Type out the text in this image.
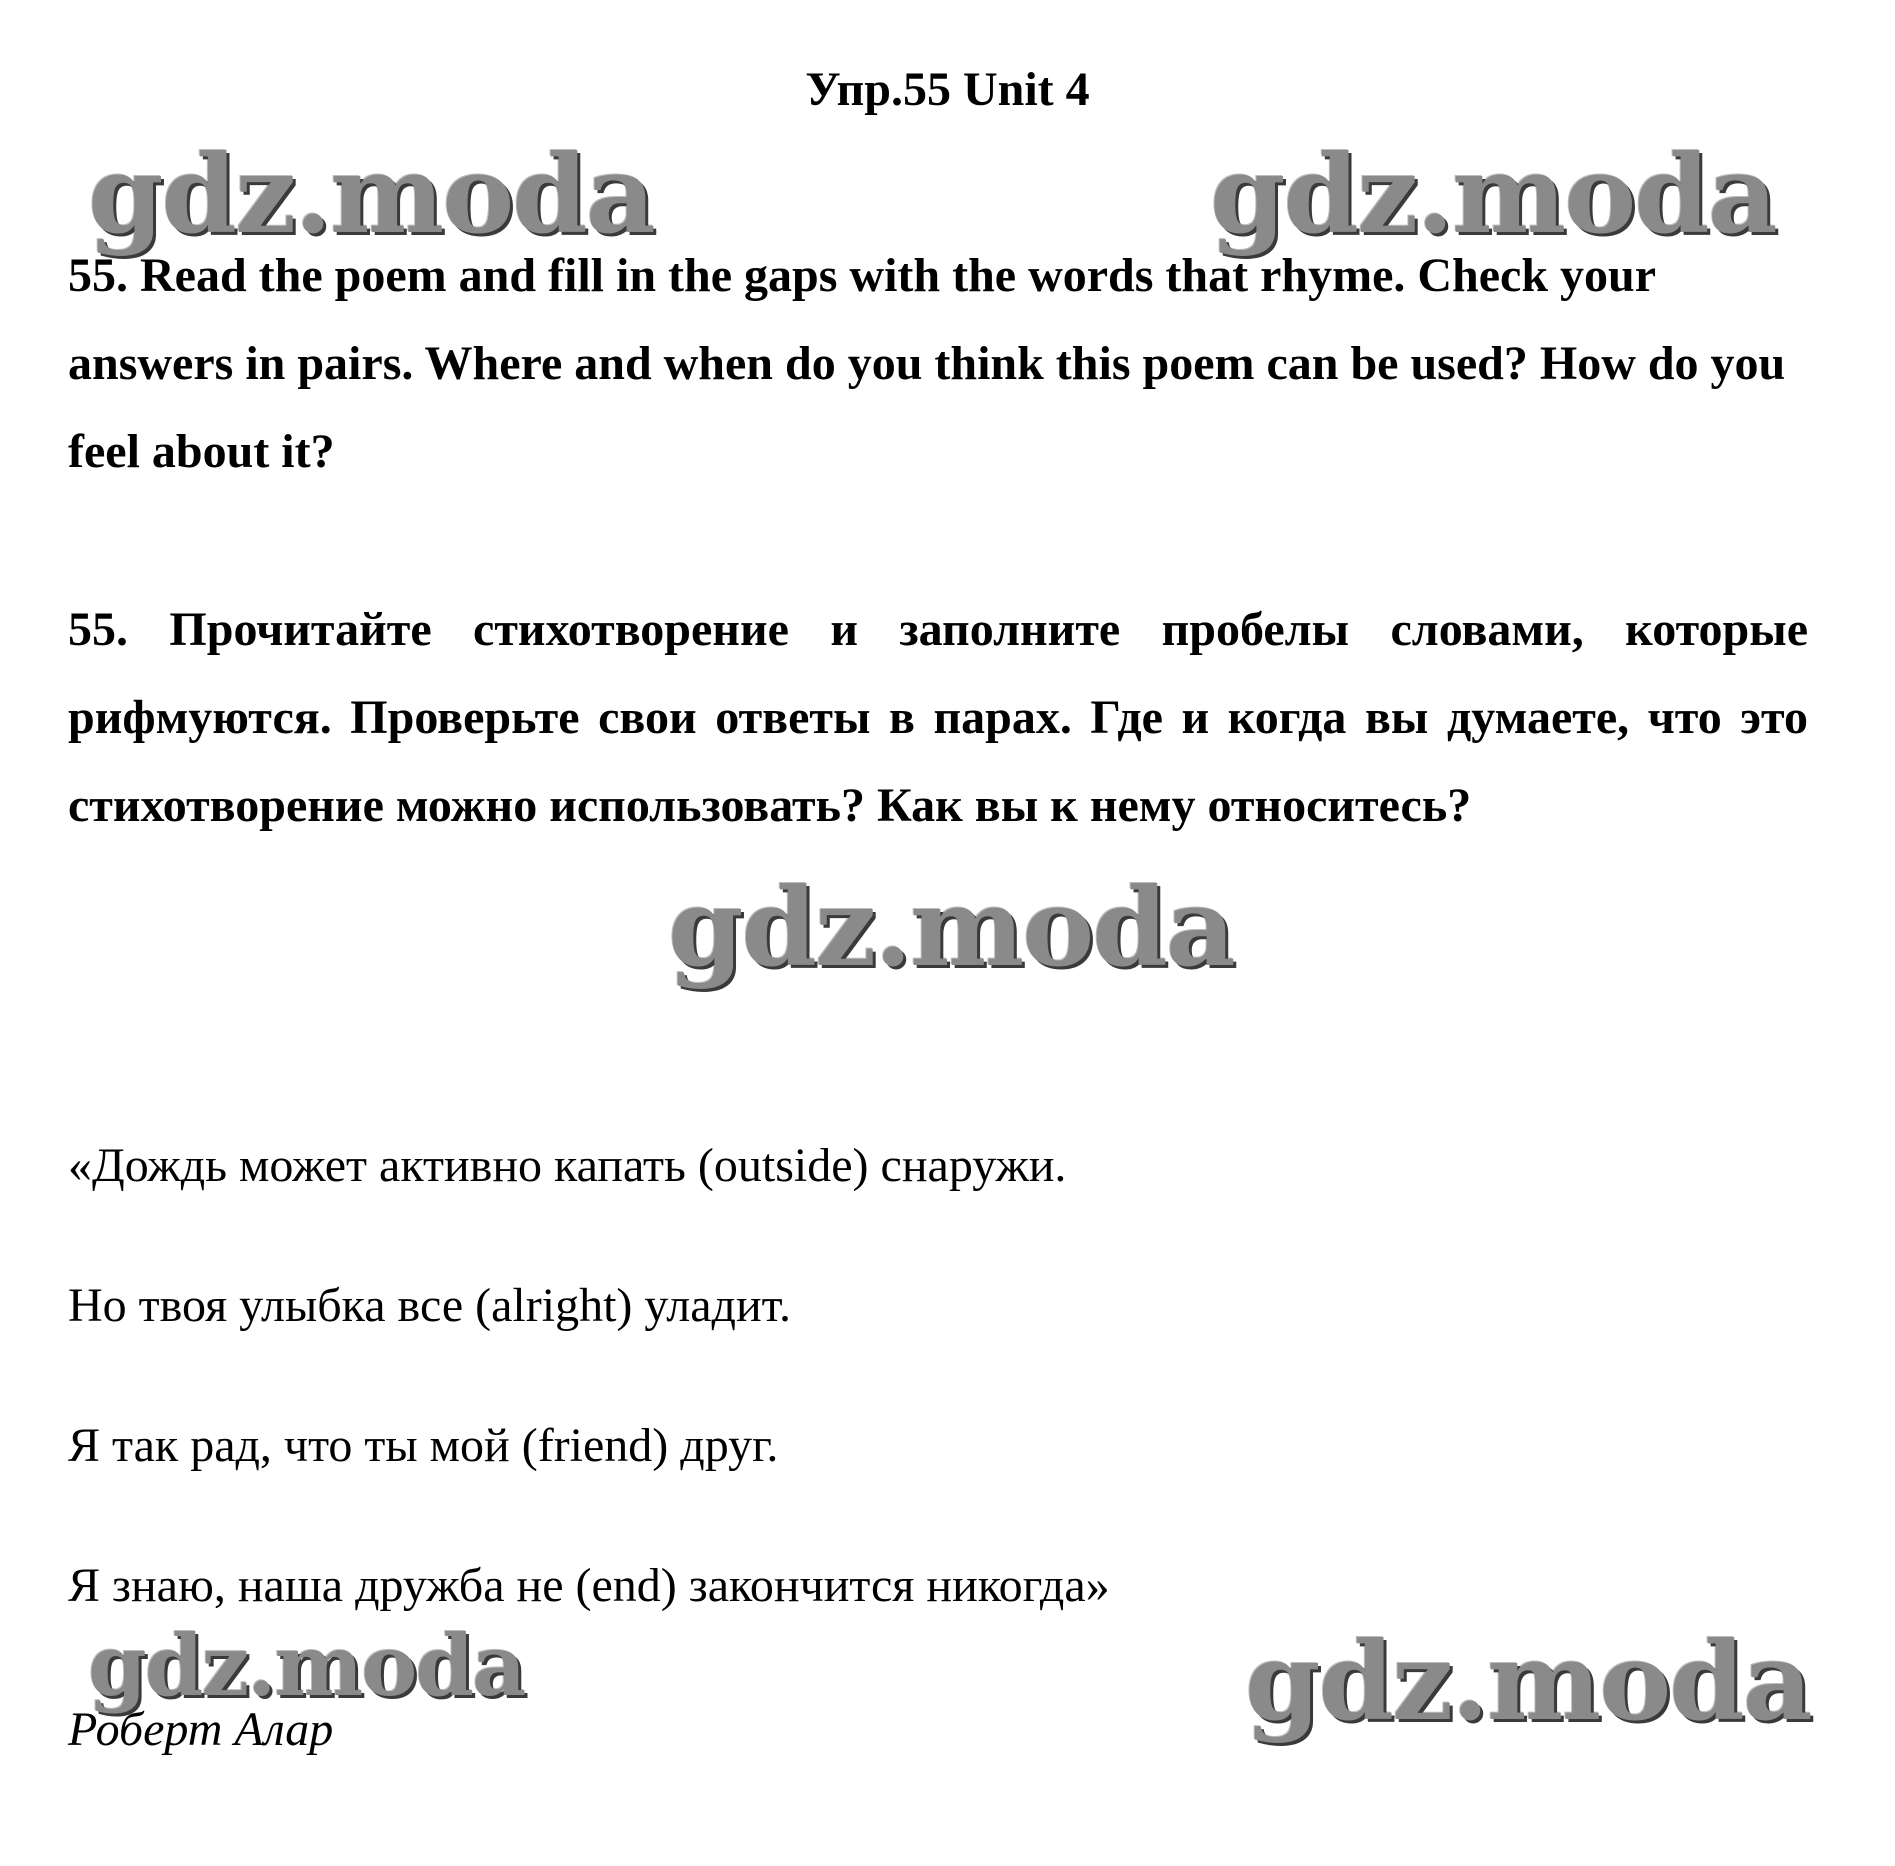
Упр.55 Unit 4
gdz.moda	gdz.moda

55. Read the poem and fill in the gaps with the words that rhyme. Check your answers in pairs. Where and when do you think this poem can be used? How do you feel about it?

55. Прочитайте стихотворение и заполните пробелы словами, которые рифмуются. Проверьте свои ответы в парах. Где и когда вы думаете, что это стихотворение можно использовать? Как вы к нему относитесь?

gdz.moda

«Дождь может активно капать (outside) снаружи.

Но твоя улыбка все (alright) уладит.

Я так рад, что ты мой (friend) друг.

Я знаю, наша дружба не (end) закончится никогда»

gdz.moda

Роберт Алар	gdz.moda
